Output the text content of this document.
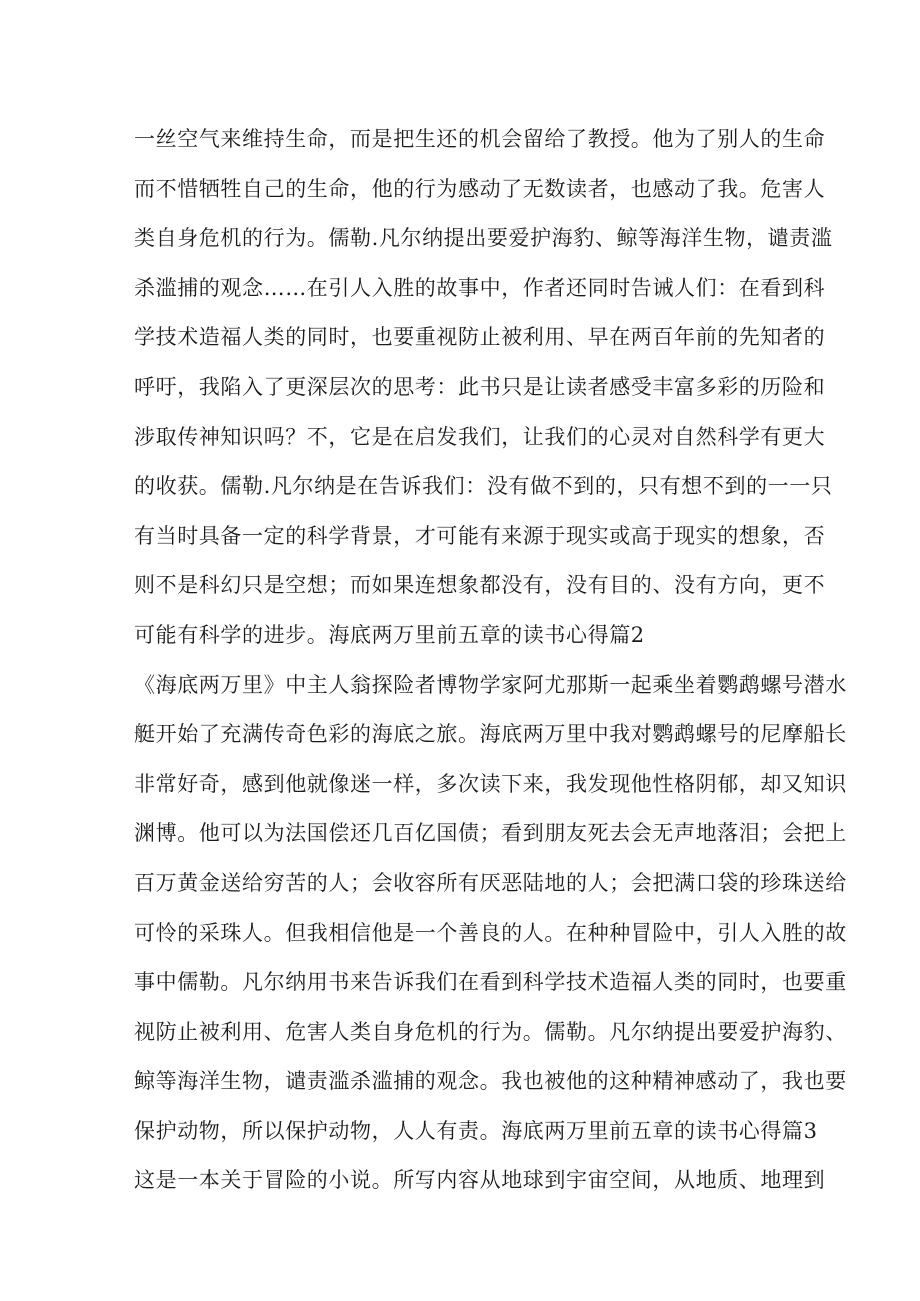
一丝空气来维持生命，而是把生还的机会留给了教授。他为了别人的生命
而不惜牺牲自己的生命，他的行为感动了无数读者，也感动了我。危害人
类自身危机的行为。儒勒.凡尔纳提出要爱护海豹、鲸等海洋生物，谴责滥
杀滥捕的观念……在引人入胜的故事中，作者还同时告诫人们：在看到科
学技术造福人类的同时，也要重视防止被利用、早在两百年前的先知者的
呼吁，我陷入了更深层次的思考：此书只是让读者感受丰富多彩的历险和
涉取传神知识吗？不，它是在启发我们，让我们的心灵对自然科学有更大
的收获。儒勒.凡尔纳是在告诉我们：没有做不到的，只有想不到的一一只
有当时具备一定的科学背景，才可能有来源于现实或高于现实的想象，否
则不是科幻只是空想；而如果连想象都没有，没有目的、没有方向，更不
可能有科学的进步。海底两万里前五章的读书心得篇2
《海底两万里》中主人翁探险者博物学家阿尤那斯一起乘坐着鹦鹉螺号潜水
艇开始了充满传奇色彩的海底之旅。海底两万里中我对鹦鹉螺号的尼摩船长
非常好奇，感到他就像迷一样，多次读下来，我发现他性格阴郁，却又知识
渊博。他可以为法国偿还几百亿国债；看到朋友死去会无声地落泪；会把上
百万黄金送给穷苦的人；会收容所有厌恶陆地的人；会把满口袋的珍珠送给
可怜的采珠人。但我相信他是一个善良的人。在种种冒险中，引人入胜的故
事中儒勒。凡尔纳用书来告诉我们在看到科学技术造福人类的同时，也要重
视防止被利用、危害人类自身危机的行为。儒勒。凡尔纳提出要爱护海豹、
鲸等海洋生物，谴责滥杀滥捕的观念。我也被他的这种精神感动了，我也要
保护动物，所以保护动物，人人有责。海底两万里前五章的读书心得篇3
这是一本关于冒险的小说。所写内容从地球到宇宙空间，从地质、地理到
